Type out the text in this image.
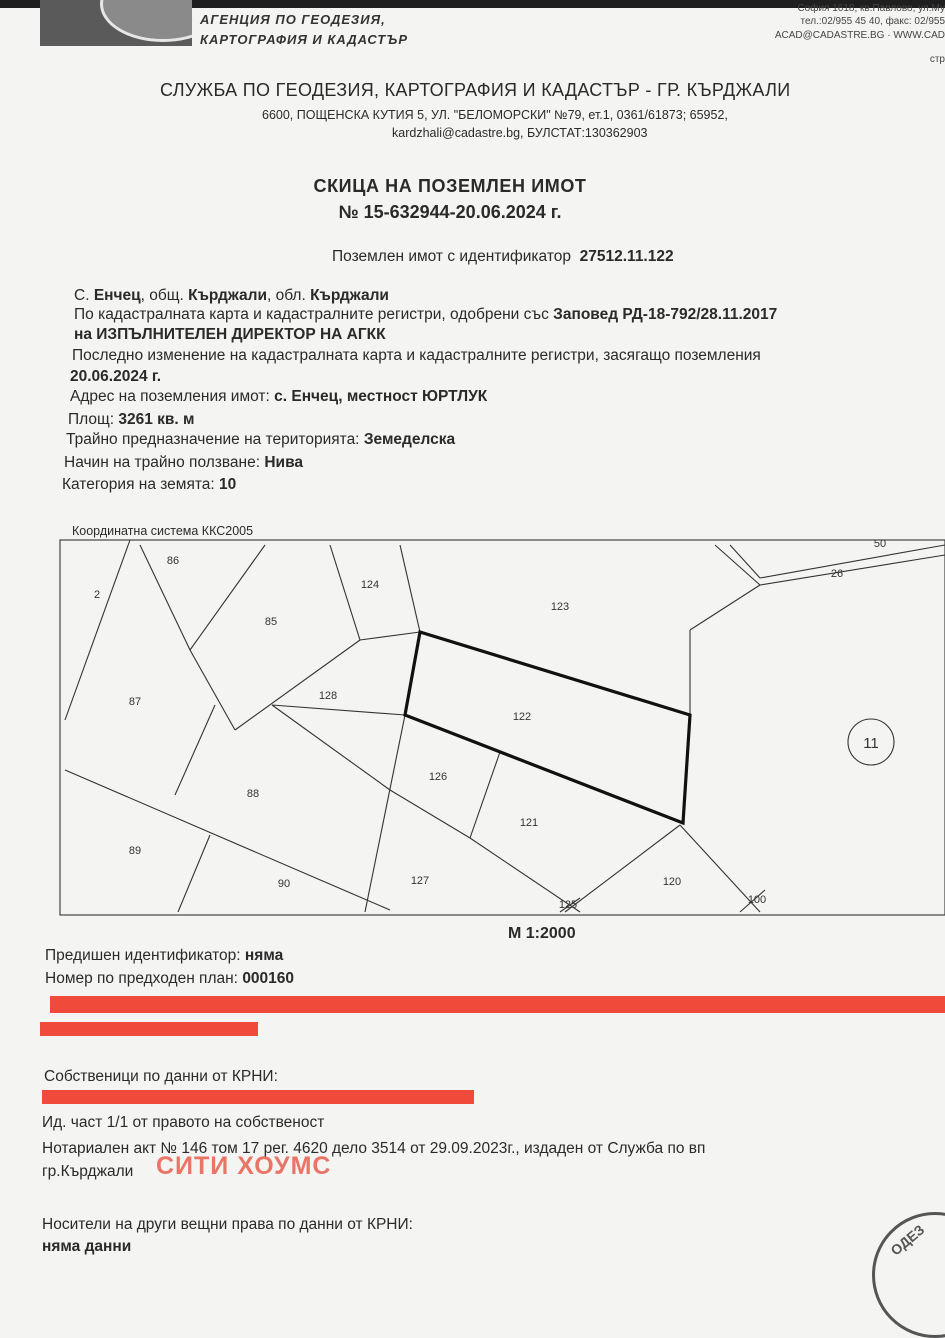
АГЕНЦИЯ ПО ГЕОДЕЗИЯ,
КАРТОГРАФИЯ И КАДАСТЪР
София 1618, кв.Павлово, ул.Му
тел.:02/955 45 40, факс: 02/955
ACAD@CADASTRE.BG · WWW.CAD
стр
СЛУЖБА ПО ГЕОДЕЗИЯ, КАРТОГРАФИЯ И КАДАСТЪР - ГР. КЪРДЖАЛИ
6600, ПОЩЕНСКА КУТИЯ 5, УЛ. "БЕЛОМОРСКИ" №79, ет.1, 0361/61873; 65952,
kardzhali@cadastre.bg, БУЛСТАТ:130362903
СКИЦА НА ПОЗЕМЛЕН ИМОТ
№ 15-632944-20.06.2024 г.
Поземлен имот с идентификатор 27512.11.122
С. Енчец, общ. Кърджали, обл. Кърджали
По кадастралната карта и кадастралните регистри, одобрени със Заповед РД-18-792/28.11.2017
на ИЗПЪЛНИТЕЛЕН ДИРЕКТОР НА АГКК
Последно изменение на кадастралната карта и кадастралните регистри, засягащо поземления
20.06.2024 г.
Адрес на поземления имот: с. Енчец, местност ЮРТЛУК
Площ: 3261 кв. м
Трайно предназначение на територията: Земеделска
Начин на трайно ползване: Нива
Категория на земята: 10
Координатна система ККС2005
2
86
85
124
123
50
26
87	128
122
11
88
126
121
89
90	127
125
120
100
М 1:2000
Предишен идентификатор: няма
Номер по предходен план: 000160
Собственици по данни от КРНИ:
Ид. част 1/1 от правото на собственост
Нотариален акт № 146 том 17 рег. 4620 дело 3514 от 29.09.2023г., издаден от Служба по вп
гр.Кърджали СИТИ ХОУМС
Носители на други вещни права по данни от КРНИ:
няма данни	ОДЕЗ
